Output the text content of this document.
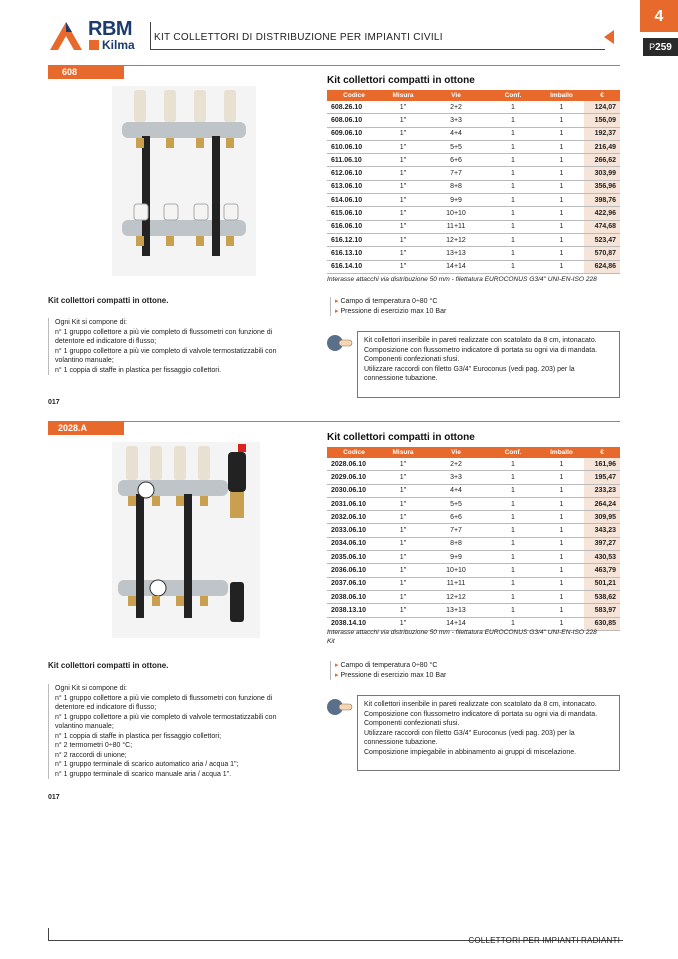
RBM
Kilma
KIT COLLETTORI DI DISTRIBUZIONE PER IMPIANTI CIVILI
4
P259
608
Kit collettori compatti in ottone
Codice	Misura	Vie	Conf.	Imballo	€
608.26.10	1"	2+2	1	1	124,07
608.06.10	1"	3+3	1	1	156,09
609.06.10	1"	4+4	1	1	192,37
610.06.10	1"	5+5	1	1	216,49
611.06.10	1"	6+6	1	1	266,62
612.06.10	1"	7+7	1	1	303,99
613.06.10	1"	8+8	1	1	356,96
614.06.10	1"	9+9	1	1	398,76
615.06.10	1"	10+10	1	1	422,96
616.06.10	1"	11+11	1	1	474,68
616.12.10	1"	12+12	1	1	523,47
616.13.10	1"	13+13	1	1	570,87
616.14.10	1"	14+14	1	1	624,86
Interasse attacchi via distribuzione 50 mm - filettatura EUROCONUS G3/4" UNI-EN-ISO 228
Kit collettori compatti in ottone.
Ogni Kit si compone di:
n° 1 gruppo collettore a più vie completo di flussometri con funzione di detentore ed indicatore di flusso;
n° 1 gruppo collettore a più vie completo di valvole termostatizzabili con volantino manuale;
n° 1 coppia di staffe in plastica per fissaggio collettori.
▸ Campo di temperatura 0÷80 °C
▸ Pressione di esercizio max 10 Bar
Kit collettori inseribile in pareti realizzate con scatolato da 8 cm, intonacato.
Composizione con flussometro indicatore di portata su ogni via di mandata. Componenti confezionati sfusi.
Utilizzare raccordi con filetto G3/4" Euroconus (vedi pag. 203) per la connessione tubazione.
017
2028.A
Kit collettori compatti in ottone
Codice	Misura	Vie	Conf.	Imballo	€
2028.06.10	1"	2+2	1	1	161,96
2029.06.10	1"	3+3	1	1	195,47
2030.06.10	1"	4+4	1	1	233,23
2031.06.10	1"	5+5	1	1	264,24
2032.06.10	1"	6+6	1	1	309,95
2033.06.10	1"	7+7	1	1	343,23
2034.06.10	1"	8+8	1	1	397,27
2035.06.10	1"	9+9	1	1	430,53
2036.06.10	1"	10+10	1	1	463,79
2037.06.10	1"	11+11	1	1	501,21
2038.06.10	1"	12+12	1	1	538,62
2038.13.10	1"	13+13	1	1	583,97
2038.14.10	1"	14+14	1	1	630,85
Interasse attacchi via distribuzione 50 mm - filettatura EUROCONUS G3/4" UNI-EN-ISO 228
Kit
Kit collettori compatti in ottone.
Ogni Kit si compone di:
n° 1 gruppo collettore a più vie completo di flussometri con funzione di detentore ed indicatore di flusso;
n° 1 gruppo collettore a più vie completo di valvole termostatizzabili con volantino manuale;
n° 1 coppia di staffe in plastica per fissaggio collettori;
n° 2 termometri 0÷80 °C;
n° 2 raccordi di unione;
n° 1 gruppo terminale di scarico automatico aria / acqua 1";
n° 1 gruppo terminale di scarico manuale aria / acqua 1".
▸ Campo di temperatura 0÷80 °C
▸ Pressione di esercizio max 10 Bar
Kit collettori inseribile in pareti realizzate con scatolato da 8 cm, intonacato.
Composizione con flussometro indicatore di portata su ogni via di mandata. Componenti confezionati sfusi.
Utilizzare raccordi con filetto G3/4" Euroconus (vedi pag. 203) per la connessione tubazione.
Composizione impiegabile in abbinamento ai gruppi di miscelazione.
017
COLLETTORI PER IMPIANTI RADIANTI
